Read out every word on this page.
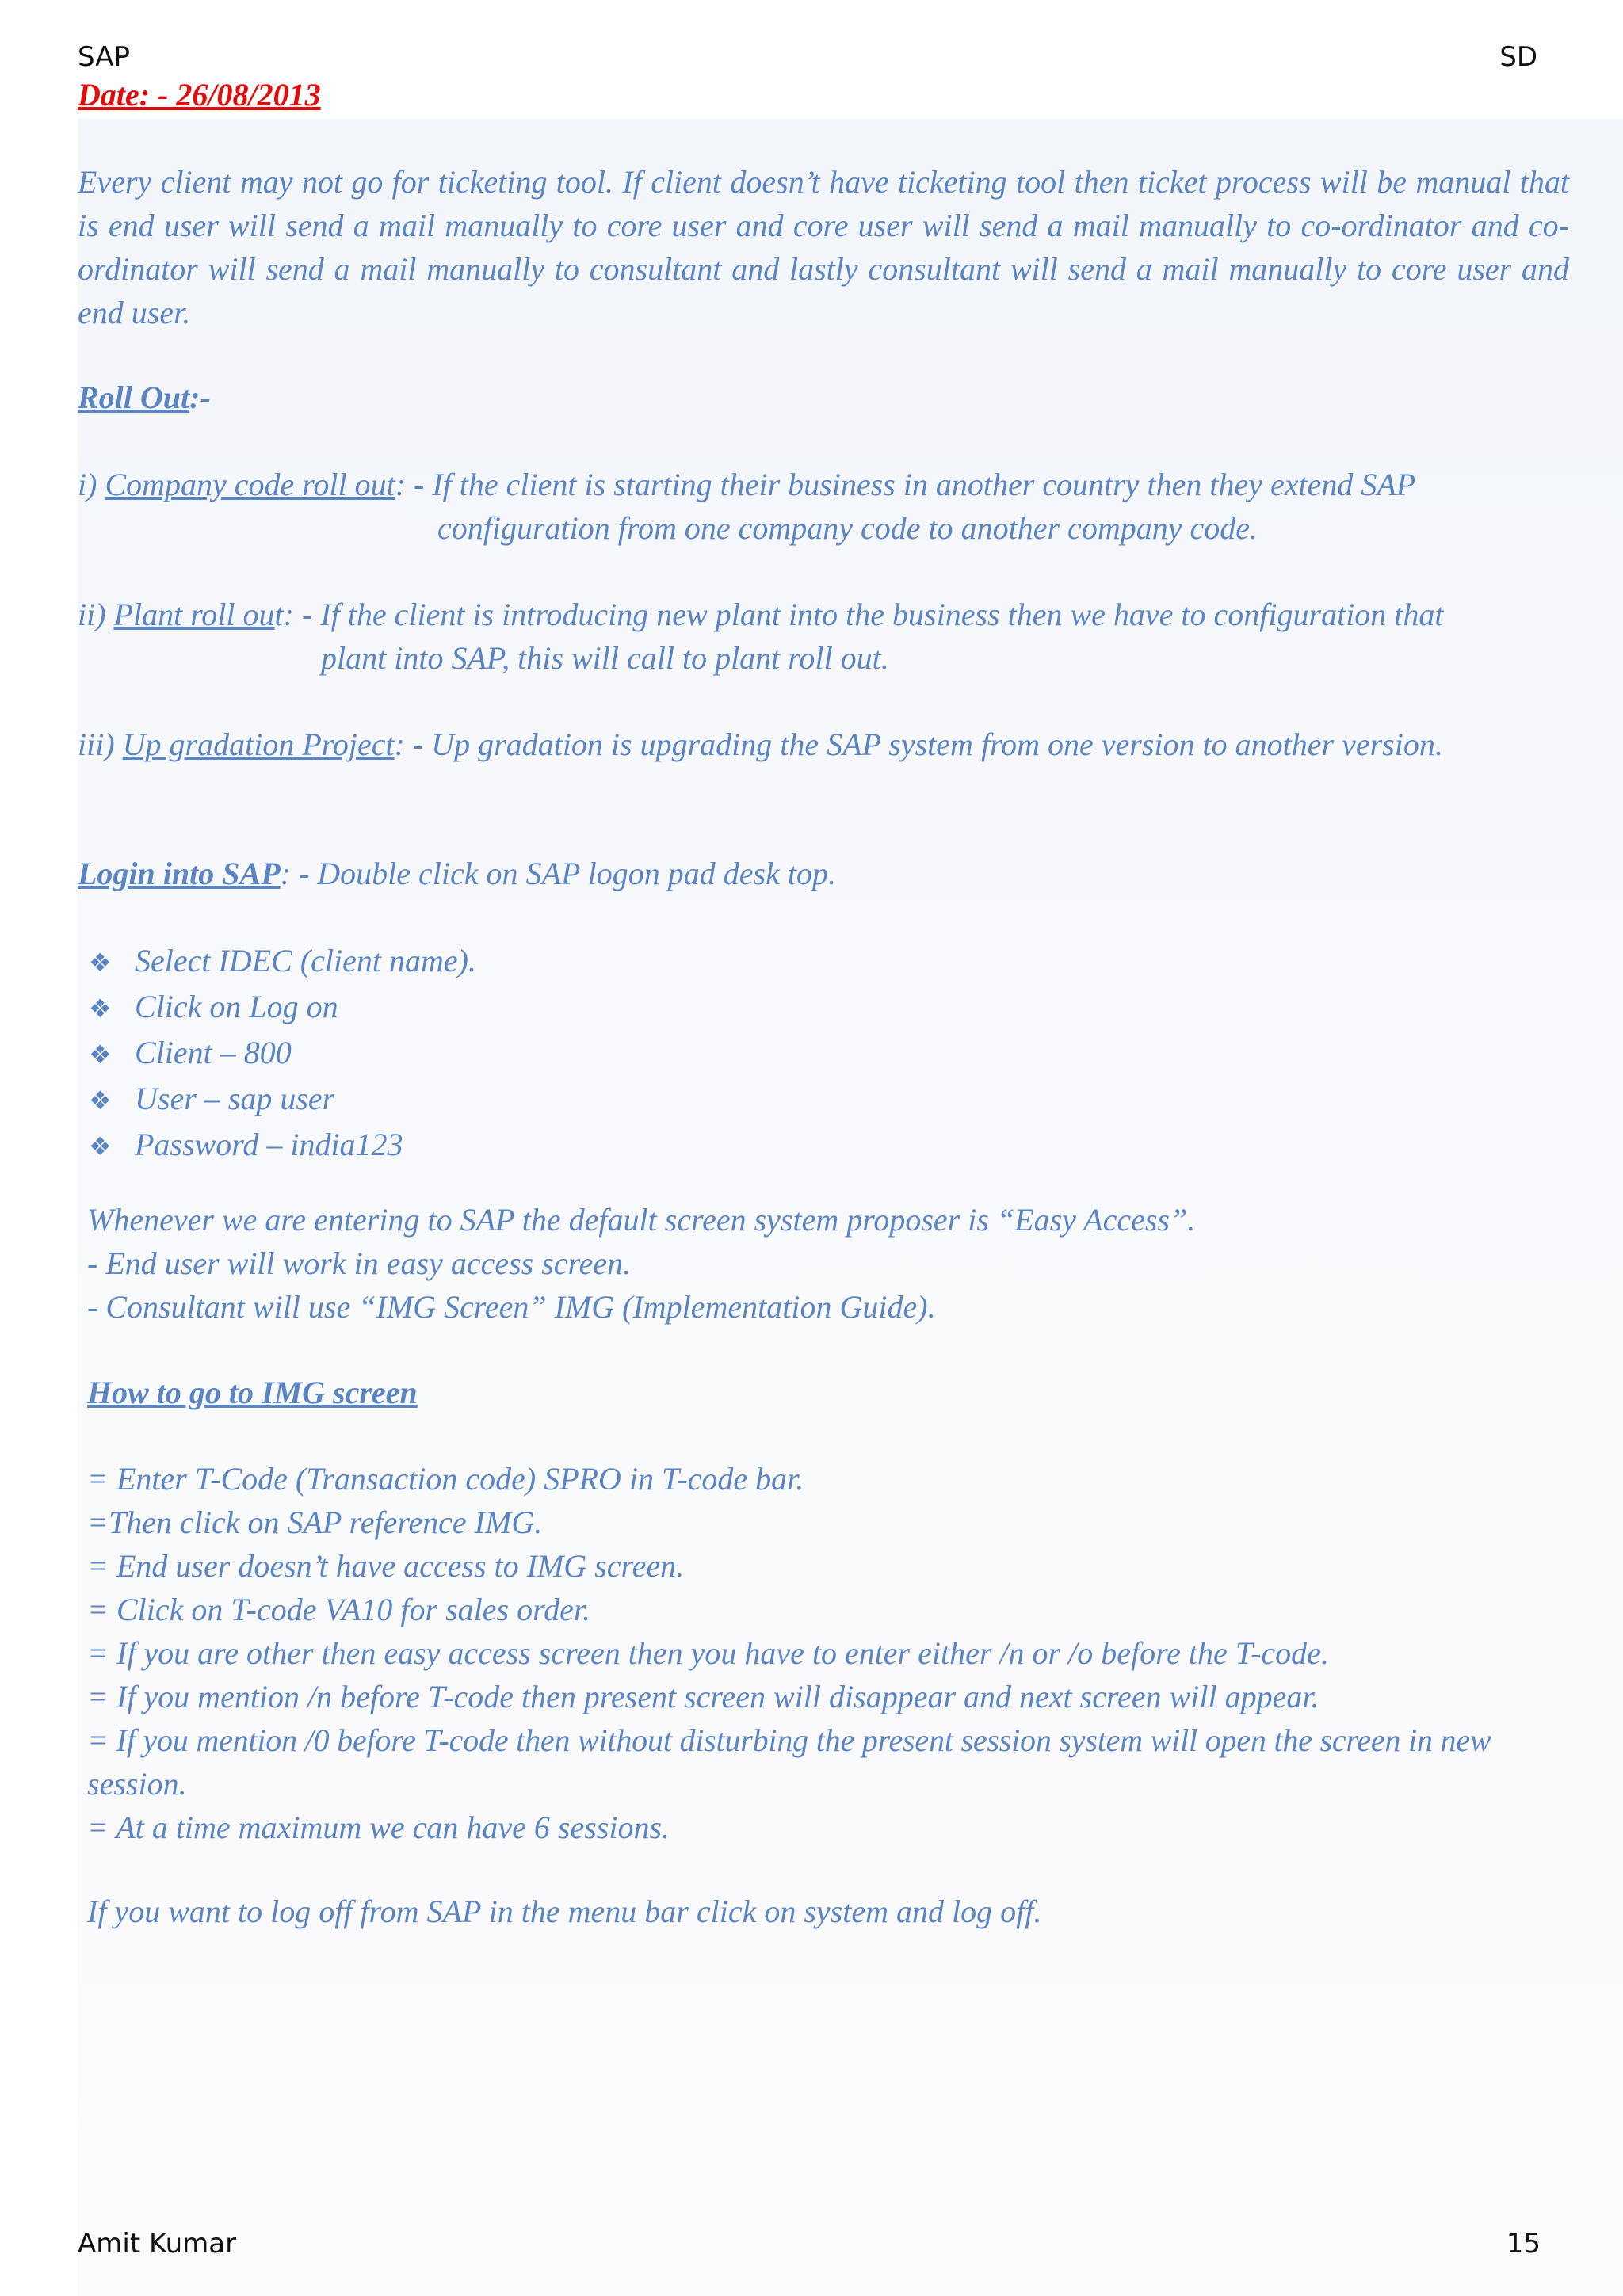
SAP	SD
Date: - 26/08/2013
Every client may not go for ticketing tool. If client doesn’t have ticketing tool then ticket process will be manual that is end user will send a mail manually to core user and core user will send a mail manually to co-ordinator and co-ordinator will send a mail manually to consultant and lastly consultant will send a mail manually to core user and end user.
Roll Out:-
i) Company code roll out: - If the client is starting their business in another country then they extend SAP
configuration from one company code to another company code.
ii) Plant roll out: - If the client is introducing new plant into the business then we have to configuration that
plant into SAP, this will call to plant roll out.
iii) Up gradation Project: - Up gradation is upgrading the SAP system from one version to another version.
Login into SAP: - Double click on SAP logon pad desk top.
❖ Select IDEC (client name).
❖ Click on Log on
❖ Client – 800
❖ User – sap user
❖ Password – india123
Whenever we are entering to SAP the default screen system proposer is “Easy Access”.
- End user will work in easy access screen.
- Consultant will use “IMG Screen” IMG (Implementation Guide).
How to go to IMG screen
= Enter T-Code (Transaction code) SPRO in T-code bar.
=Then click on SAP reference IMG.
= End user doesn’t have access to IMG screen.
= Click on T-code VA10 for sales order.
= If you are other then easy access screen then you have to enter either /n or /o before the T-code.
= If you mention /n before T-code then present screen will disappear and next screen will appear.
= If you mention /0 before T-code then without disturbing the present session system will open the screen in new
session.
= At a time maximum we can have 6 sessions.
If you want to log off from SAP in the menu bar click on system and log off.
Amit Kumar	15
